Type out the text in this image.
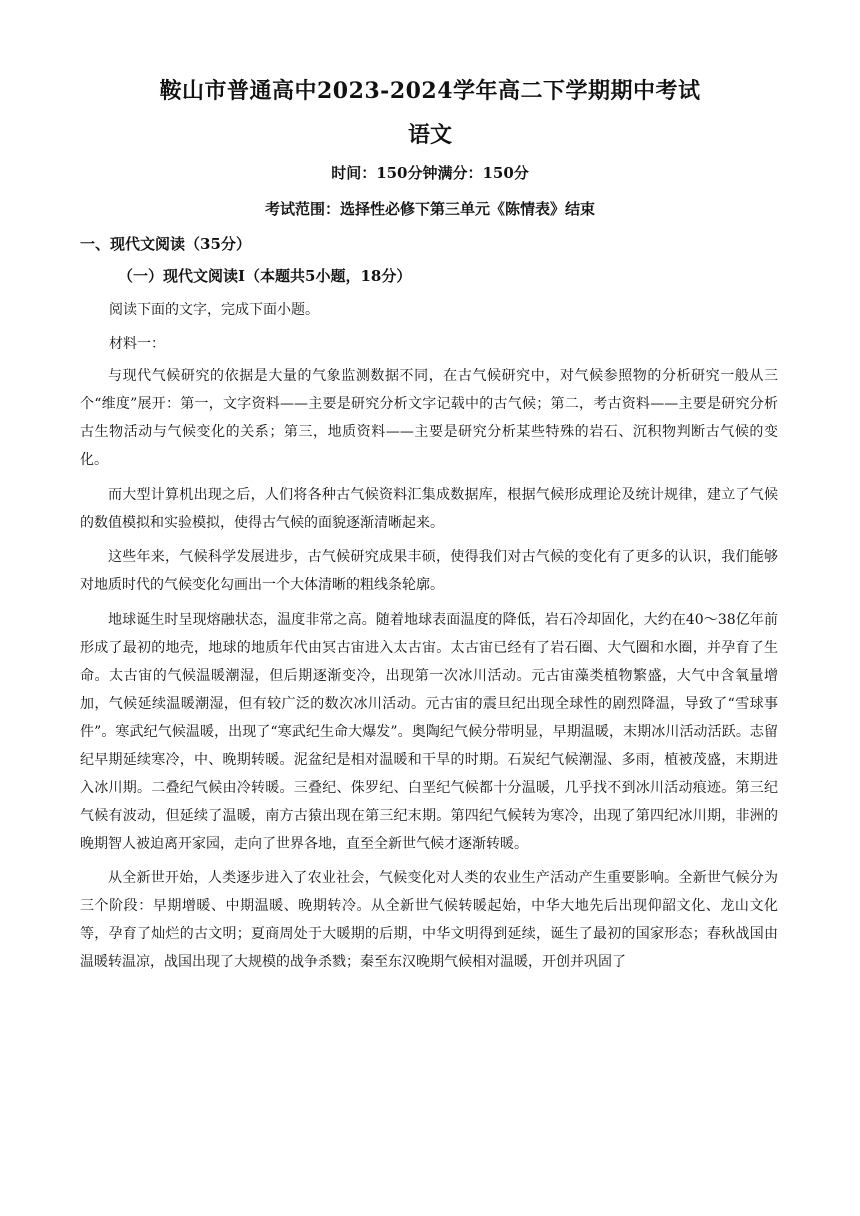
鞍山市普通高中2023-2024学年高二下学期期中考试
语文
时间：150分钟满分：150分
考试范围：选择性必修下第三单元《陈情表》结束
一、现代文阅读（35分）
（一）现代文阅读Ⅰ（本题共5小题，18分）
阅读下面的文字，完成下面小题。
材料一：

与现代气候研究的依据是大量的气象监测数据不同，在古气候研究中，对气候参照物的分析研究一般从三个“维度”展开：第一，文字资料——主要是研究分析文字记载中的古气候；第二，考古资料——主要是研究分析古生物活动与气候变化的关系；第三，地质资料——主要是研究分析某些特殊的岩石、沉积物判断古气候的变化。

而大型计算机出现之后，人们将各种古气候资料汇集成数据库，根据气候形成理论及统计规律，建立了气候的数值模拟和实验模拟，使得古气候的面貌逐渐清晰起来。

这些年来，气候科学发展进步，古气候研究成果丰硕，使得我们对古气候的变化有了更多的认识，我们能够对地质时代的气候变化勾画出一个大体清晰的粗线条轮廓。

地球诞生时呈现熔融状态，温度非常之高。随着地球表面温度的降低，岩石冷却固化，大约在40～38亿年前形成了最初的地壳，地球的地质年代由冥古宙进入太古宙。太古宙已经有了岩石圈、大气圈和水圈，并孕育了生命。太古宙的气候温暖潮湿，但后期逐渐变冷，出现第一次冰川活动。元古宙藻类植物繁盛，大气中含氧量增加，气候延续温暖潮湿，但有较广泛的数次冰川活动。元古宙的震旦纪出现全球性的剧烈降温，导致了“雪球事件”。寒武纪气候温暖，出现了“寒武纪生命大爆发”。奥陶纪气候分带明显，早期温暖，末期冰川活动活跃。志留纪早期延续寒冷，中、晚期转暖。泥盆纪是相对温暖和干旱的时期。石炭纪气候潮湿、多雨，植被茂盛，末期进入冰川期。二叠纪气候由冷转暖。三叠纪、侏罗纪、白垩纪气候都十分温暖，几乎找不到冰川活动痕迹。第三纪气候有波动，但延续了温暖，南方古猿出现在第三纪末期。第四纪气候转为寒冷，出现了第四纪冰川期，非洲的晚期智人被迫离开家园，走向了世界各地，直至全新世气候才逐渐转暖。

从全新世开始，人类逐步进入了农业社会，气候变化对人类的农业生产活动产生重要影响。全新世气候分为三个阶段：早期增暖、中期温暖、晚期转冷。从全新世气候转暖起始，中华大地先后出现仰韶文化、龙山文化等，孕育了灿烂的古文明；夏商周处于大暖期的后期，中华文明得到延续，诞生了最初的国家形态；春秋战国由温暖转温凉，战国出现了大规模的战争杀戮；秦至东汉晚期气候相对温暖，开创并巩固了
